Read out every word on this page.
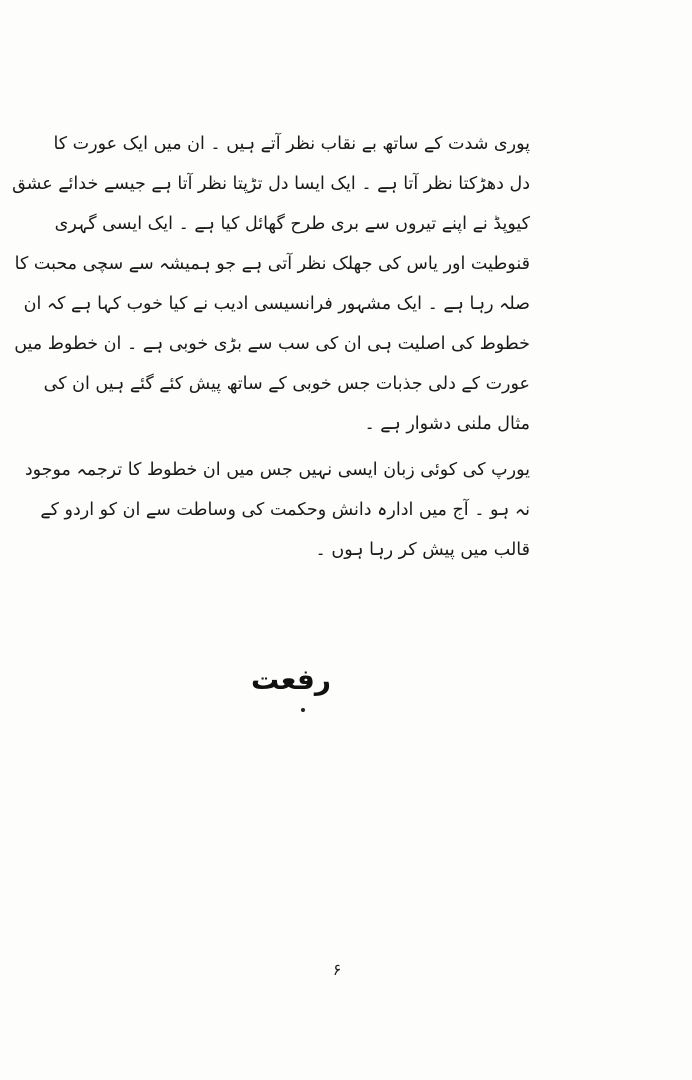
پوری شدت کے ساتھ بے نقاب نظر آتے ہیں ۔ ان میں ایک عورت کا
دل دھڑکتا نظر آتا ہے ۔ ایک ایسا دل تڑپتا نظر آتا ہے جیسے خدائے عشق
کیوپڈ نے اپنے تیروں سے بری طرح گھائل کیا ہے ۔ ایک ایسی گہری
قنوطیت اور یاس کی جھلک نظر آتی ہے جو ہمیشہ سے سچی محبت کا
صلہ رہا ہے ۔ ایک مشہور فرانسیسی ادیب نے کیا خوب کہا ہے کہ ان
خطوط کی اصلیت ہی ان کی سب سے بڑی خوبی ہے ۔ ان خطوط میں
عورت کے دلی جذبات جس خوبی کے ساتھ پیش کئے گئے ہیں ان کی
مثال ملنی دشوار ہے ۔
یورپ کی کوئی زبان ایسی نہیں جس میں ان خطوط کا ترجمہ موجود
نہ ہو ۔ آج میں ادارہ دانش وحکمت کی وساطت سے ان کو اردو کے
قالب میں پیش کر رہا ہوں ۔
رفعت
۶
